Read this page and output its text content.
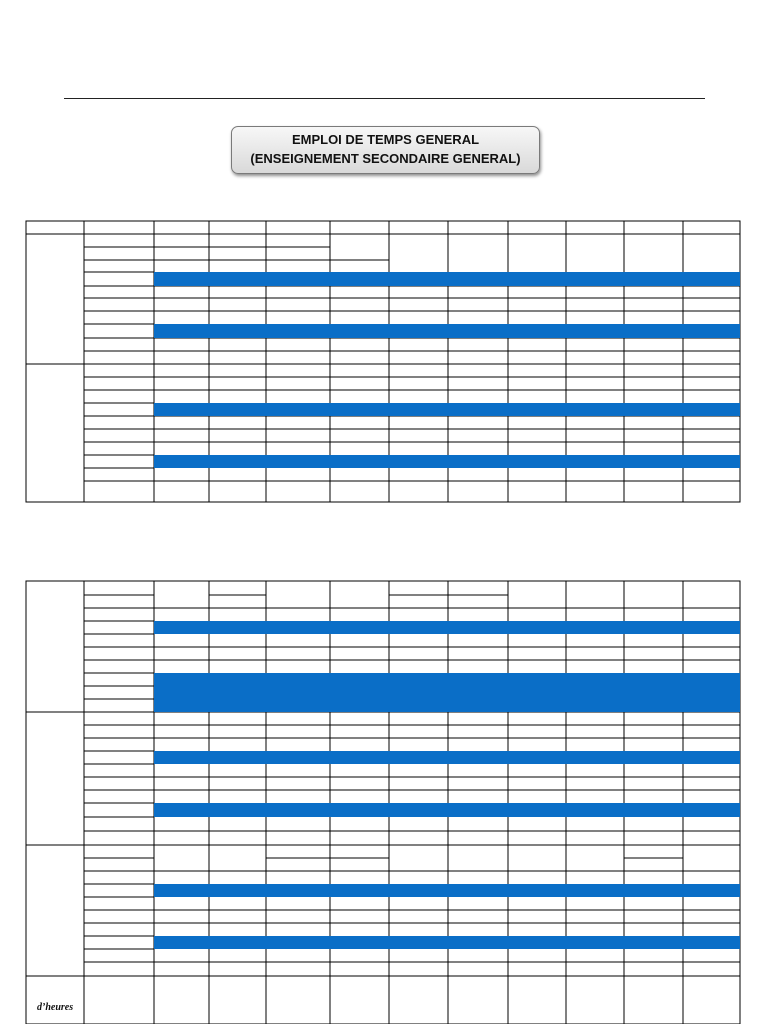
EMPLOI DE TEMPS GENERAL
(ENSEIGNEMENT SECONDAIRE GENERAL)
d’heures
